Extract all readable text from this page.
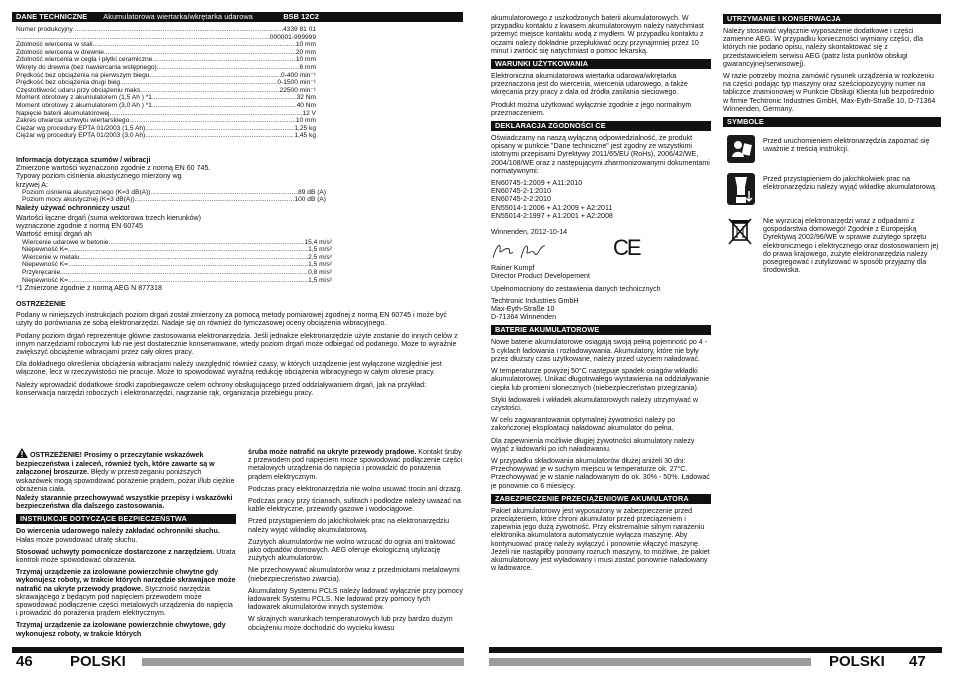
DANE TECHNICZNE Akumulatorowa wiertarka/wkrętarka udarowa	BSB 12C2
Numer produkcyjny .....	4339 81 01
.....
...000001-999999
Zdolność wiercenia w stali .....	10 mm
Zdolność wiercenia w drewnie .....	20 mm
Zdolność wiercenia w cegła i płytki ceramiczne .....	10 mm
Wkręty do drewna (bez nawiercania wstępnego) .....	6 mm
Prędkość bez obciążenia na pierwszym biegu .....	0-400 min⁻¹
Prędkość bez obciążenia drugi bieg .....	0-1500 min⁻¹
Częstotliwość udaru przy obciążeniu maks. .....	22500 min⁻¹
Moment obrotowy z akumulatorem (1,5 Ah ) *1 .....	32 Nm
Moment obrotowy z akumulatorem (3,0 Ah ) *1 .....	40 Nm
Napięcie baterii akumulatorowej .....	12 V
Zakres otwarcia uchwytu wiertarskiego .....	10 mm
Ciężar wg procedury EPTA 01/2003 (1,5 Ah) .....	1,25 kg
Ciężar wg procedury EPTA 01/2003 (3,0 Ah) .....	1,45 kg
Informacja dotycząca szumów / wibracji
Zmierzone wartości wyznaczono zgodnie z normą EN 60 745.
Typowy poziom ciśnienia akustycznego mierzony wg
krzywej A:
Poziom ciśnienia akustycznego (K=3 dB(A)) .....	89 dB (A)
Poziom mocy akustycznej (K=3 dB(A)) .....	100 dB (A)
Należy używać ochronniczy uszu!
Wartości łączne drgań (suma wektorowa trzech kierunków)
wyznaczone zgodnie z normą EN 60745
Wartość emisji drgań ah
Wiercenie udarowe w betonie .....	15,4 m/s²
Niepewność K= .....	1,5 m/s²
Wiercenie w metalu. .....	2,5 m/s²
Niepewność K= .....	1,5 m/s²
Przykręcanie .....	0,8 m/s²
Niepewność K= .....	1,5 m/s²
*1 Zmierzone zgodnie z normą AEG N 877318
OSTRZEŻENIE

Podany w niniejszych instrukcjach poziom drgań został zmierzony za pomocą metody pomiarowej zgodnej z normą EN 60745 i może być użyty do porównania ze sobą elektronarzędzi. Nadaje się on również do tymczasowej oceny obciążenia wibracyjnego.

Podany poziom drgań reprezentuje główne zastosowania elektronarzędzia. Jeśli jednakże elektronarzędzie użyte zostanie do innych celów z innym narzędziami roboczymi lub nie jest dostatecznie konserwowane, wtedy poziom drgań może odbiegać od podanego. Może to wyraźnie zwiększyć obciążenie wibracjami przez cały okres pracy.

Dla dokładnego określenia obciążenia wibracjami należy uwzględnić również czasy, w których urządzenie jest wyłączone względnie jest włączone, lecz w rzeczywistości nie pracuje. Może to spowodować wyraźną redukcję obciążenia wibracyjnego w całym okresie pracy.

Należy wprowadzić dodatkowe środki zapobiegawcze celem ochrony obsługującego przed oddziaływaniem drgań, jak na przykład: konserwacja narzędzi roboczych i elektronarzędzi, nagrzanie rąk, organizacja przebiegu pracy.

OSTRZEŻENIE! Prosimy o przeczytanie wskazówek bezpieczeństwa i zaleceń, również tych, które zawarte są w załączonej broszurze. Błędy w przestrzeganiu poniższych wskazówek mogą spowodować porażenie prądem, pożar i/lub ciężkie obrażenia ciała.

Należy starannie przechowywać wszystkie przepisy i wskazówki bezpieczeństwa dla dalszego zastosowania.

INSTRUKCJE DOTYCZĄCE BEZPIECZEŃSTWA

Do wiercenia udarowego należy zakładać ochronniki słuchu. Hałas może powodować utratę słuchu.

Stosować uchwyty pomocnicze dostarczone z narzędziem. Utrata kontroli może spowodować obrażenia.

Trzymaj urządzenie za izolowane powierzchnie chwytne gdy wykonujesz roboty, w trakcie których narzędzie skrawające może natrafić na ukryte przewody prądowe. Styczność narzędzia skrawającego z będącym pod napięciem przewodem może spowodować podłączenie części metalowych urządzenia do napięcia i prowadzić do porażenia prądem elektrycznym.

Trzymaj urządzenie za izolowane powierzchnie chwytowe, gdy wykonujesz roboty, w trakcie których

śruba może natrafić na ukryte przewody prądowe. Kontakt śruby z przewodem pod napięciem może spowodować podłączenie części metalowych urządzenia do napięcia i prowadzić do porażenia prądem elektrycznym.

Podczas pracy elektronarzędzia nie wolno usuwać trocin ani drzazg.

Podczas pracy przy ścianach, sufitach i podłodze należy uważać na kable elektryczne, przewody gazowe i wodociągowe.

Przed przystąpieniem do jakichkolwiek prac na elektronarzędziu należy wyjąć wkładkę akumulatorową.

Zużytych akumulatorów nie wolno wrzucać do ognia ani traktować jako odpadów domowych. AEG oferuje ekologiczną utylizację zużytych akumulatorów.

Nie przechowywać akumulatorów wraz z przedmiotami metalowymi (niebezpieczeństwo zwarcia).

Akumulatory Systemu PCLS należy ładować wyłącznie przy pomocy ładowarek Systemu PCLS. Nie ładować przy pomocy tych ładowarek akumulatorów innych systemów.

W skrajnych warunkach temperaturowych lub przy bardzo dużym obciążeniu może dochodzić do wycieku kwasu

46 POLSKI

akumulatorowego z uszkodzonych baterii akumulatorowych. W przypadku kontaktu z kwasem akumulatorowym należy natychmiast przemyć miejsce kontaktu wodą z mydłem. W przypadku kontaktu z oczami należy dokładnie przepłukiwać oczy przynajmniej przez 10 minut i zwrócić się natychmiast o pomoc lekarską.

WARUNKI UŻYTKOWANIA

Elektroniczna akumulatorowa wiertarka udarowa/wkrętarka przeznaczona jest do wiercenia, wiercenia udarowego, a także wkręcania przy pracy z dala od źródła zasilania sieciowego.

Produkt można użytkować wyłącznie zgodnie z jego normalnym przeznaczeniem.

DEKLARACJA ZGODNOŚCI CE

Oświadczamy na naszą wyłączną odpowiedzialność, że produkt opisany w punkcie "Dane techniczne" jest zgodny ze wszystkimi istotnymi przepisami Dyrektywy 2011/65/EU (RoHs), 2006/42/WE, 2004/108/WE oraz z następującymi zharmonizowanymi dokumentami normatywnymi:

EN60745-1:2009 + A11:2010
EN60745-2-1:2010
EN60745-2-2:2010
EN55014-1:2006 + A1:2009 + A2:2011
EN55014-2:1997 + A1:2001 + A2:2008

Winnenden, 2012-10-14

CE
Rainer Kumpf
Director Product Developement
Upełnomocniony do zestawienia danych technicznych
Techtronic Industries GmbH
Max-Eyth-Straße 10
D-71364 Winnenden
BATERIE AKUMULATOROWE

Nowe baterie akumulatorowe osiągają swoją pełną pojemność po 4 - 5 cyklach ładowania i rozładowywania. Akumulatory, które nie były przez dłuższy czas użytkowane, należy przed użyciem naładować.

W temperaturze powyżej 50°C następuje spadek osiągów wkładki akumulatorowej. Unikać długotrwałego wystawienia na oddziaływanie ciepła lub promieni słonecznych (niebezpieczeństwo przegrzania).

Styki ładowarek i wkładek akumulatorowych należy utrzymywać w czystości.

W celu zagwarantowania optymalnej żywotności należy po zakończonej eksploatacji naładować akumulator do pełna.

Dla zapewnienia możliwie długiej żywotności akumulatory należy wyjąć z ładowarki po ich naładowaniu.

W przypadku składowania akumulatorów dłużej aniżeli 30 dni: Przechowywać je w suchym miejscu w temperaturze ok. 27°C. Przechowywać je w stanie naładowanym do ok. 30% - 50%. Ładować je ponownie co 6 miesięcy.

ZABEZPIECZENIE PRZECIĄŻENIOWE AKUMULATORA

Pakiet akumulatorowy jest wyposażony w zabezpieczenie przed przeciążeniem, które chroni akumulator przed przeciążeniem i zapewnia jego dużą żywotność. Przy ekstremalnie silnym narażeniu elektronika akumulatora automatycznie wyłącza maszynę. Aby kontynuować pracę należy wyłączyć i ponownie włączyć maszynę. Jeżeli nie nastąpiłby ponowny rozruch maszyny, to możliwe, że pakiet akumulatorowy jest wyładowany i musi zostać ponownie naładowany w ładowarce.

UTRZYMANIE I KONSERWACJA

Należy stosować wyłącznie wyposażenie dodatkowe i części zamienne AEG. W przypadku konieczności wymiany części, dla których nie podano opisu, należy skontaktować się z przedstawicielem serwisu AEG (patrz lista punktów obsługi gwarancyjnej/serwisowej).

W razie potrzeby można zamówić rysunek urządzenia w rozłożeniu na części podając typ maszyny oraz sześciopozycyjny numer na tabliczce znamionowej w Punkcie Obsługi Klienta lub bezpośrednio w firmie Techtronic Industries GmbH, Max-Eyth-Straße 10, D-71364 Winnenden, Germany.

SYMBOLE
Przed uruchomieniem elektronarzędzia zapoznać się uważnie z treścią instrukcji.
Przed przystąpieniem do jakichkolwiek prac na elektronarzędziu należy wyjąć wkładkę akumulatorową.
Nie wyrzucaj elektronarzędzi wraz z odpadami z gospodarstwa domowego! Zgodnie z Europejską Dyrektywą 2002/96/WE w sprawie zużytego sprzętu elektronicznego i elektrycznego oraz dostosowaniem jej do prawa krajowego, zużyte elektronarzędzia należy posegregować i zutylizować w sposób przyjazny dla środowiska.
POLSKI 47
